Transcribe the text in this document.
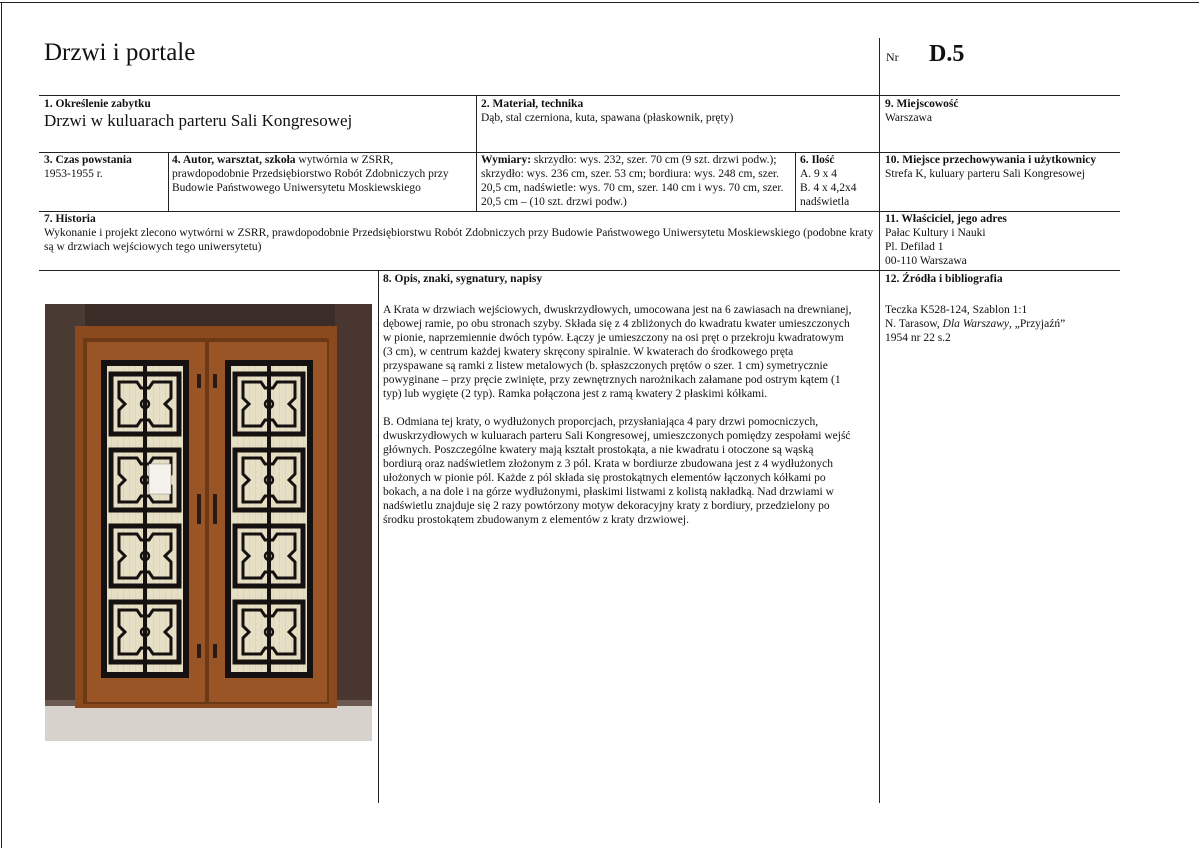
Drzwi i portale	Nr D.5
1. Określenie zabytku
Drzwi w kuluarach parteru Sali Kongresowej
2. Materiał, technika
Dąb, stal czerniona, kuta, spawana (płaskownik, pręty)
9. Miejscowość
Warszawa
3. Czas powstania
1953-1955 r.
4. Autor, warsztat, szkoła wytwórnia w ZSRR,
prawdopodobnie Przedsiębiorstwo Robót Zdobniczych przy Budowie Państwowego Uniwersytetu Moskiewskiego
Wymiary: skrzydło: wys. 232, szer. 70 cm (9 szt. drzwi podw.); skrzydło: wys. 236 cm, szer. 53 cm; bordiura: wys. 248 cm, szer. 20,5 cm, nadświetle: wys. 70 cm, szer. 140 cm i wys. 70 cm, szer. 20,5 cm – (10 szt. drzwi podw.)
6. Ilość
A. 9 x 4
B. 4 x 4,2x4
nadświetla
10. Miejsce przechowywania i użytkownicy Strefa K, kuluary parteru Sali Kongresowej
7. Historia
Wykonanie i projekt zlecono wytwórni w ZSRR, prawdopodobnie Przedsiębiorstwu Robót Zdobniczych przy Budowie Państwowego Uniwersytetu Moskiewskiego (podobne kraty są w drzwiach wejściowych tego uniwersytetu)
11. Właściciel, jego adres
Pałac Kultury i Nauki
Pl. Defilad 1
00-110 Warszawa
8. Opis, znaki, sygnatury, napisy

A Krata w drzwiach wejściowych, dwuskrzydłowych, umocowana jest na 6 zawiasach na drewnianej, dębowej ramie, po obu stronach szyby. Składa się z 4 zbliżonych do kwadratu kwater umieszczonych w pionie, naprzemiennie dwóch typów. Łączy je umieszczony na osi pręt o przekroju kwadratowym (3 cm), w centrum każdej kwatery skręcony spiralnie. W kwaterach do środkowego pręta przyspawane są ramki z listew metalowych (b. spłaszczonych prętów o szer. 1 cm) symetrycznie powyginane – przy pręcie zwinięte, przy zewnętrznych narożnikach załamane pod ostrym kątem (1 typ) lub wygięte (2 typ). Ramka połączona jest z ramą kwatery 2 płaskimi kółkami.

B. Odmiana tej kraty, o wydłużonych proporcjach, przysłaniająca 4 pary drzwi pomocniczych, dwuskrzydłowych w kuluarach parteru Sali Kongresowej, umieszczonych pomiędzy zespołami wejść głównych. Poszczególne kwatery mają kształt prostokąta, a nie kwadratu i otoczone są wąską bordiurą oraz nadświetlem złożonym z 3 pól. Krata w bordiurze zbudowana jest z 4 wydłużonych ułożonych w pionie pól. Każde z pól składa się prostokątnych elementów łączonych kółkami po bokach, a na dole i na górze wydłużonymi, płaskimi listwami z kolistą nakładką. Nad drzwiami w nadświetlu znajduje się 2 razy powtórzony motyw dekoracyjny kraty z bordiury, przedzielony po środku prostokątem zbudowanym z elementów z kraty drzwiowej.

12. Źródła i bibliografia
Teczka K528-124, Szablon 1:1
N. Tarasow, Dla Warszawy, „Przyjaźń”
1954 nr 22 s.2
